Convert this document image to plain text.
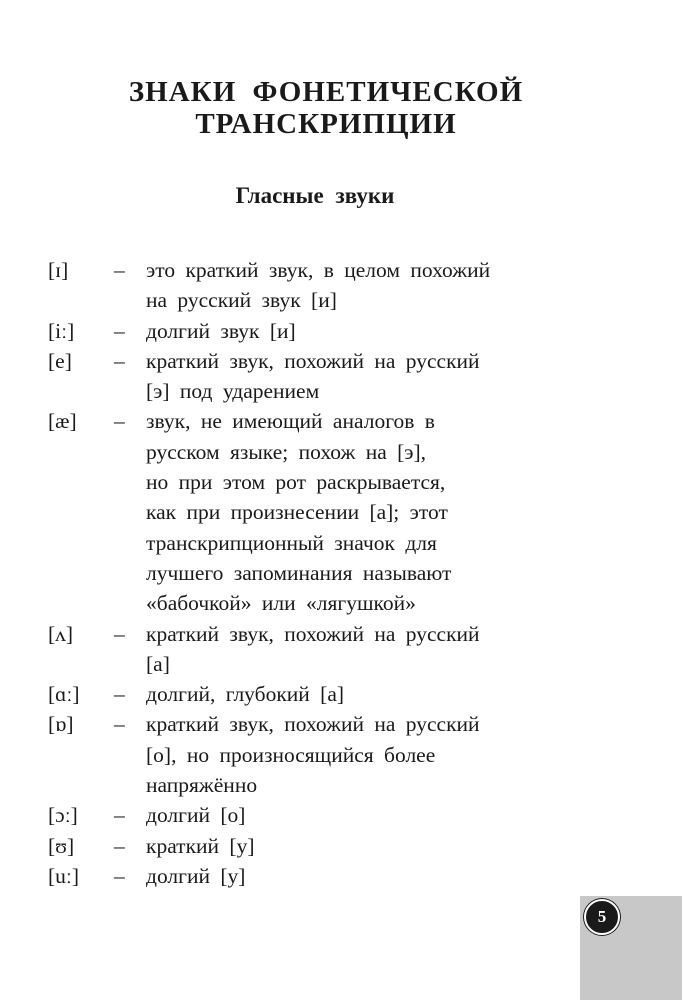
ЗНАКИ ФОНЕТИЧЕСКОЙ
ТРАНСКРИПЦИИ
Гласные звуки
[ɪ]	– это краткий звук, в целом похожий
на русский звук [и]
[iː]	– долгий звук [и]
[e]	– краткий звук, похожий на русский
[э] под ударением
[æ]	– звук, не имеющий аналогов в
русском языке; похож на [э],
но при этом рот раскрывается,
как при произнесении [а]; этот
транскрипционный значок для
лучшего запоминания называют
«бабочкой» или «лягушкой»
[ʌ]	– краткий звук, похожий на русский
[а]
[ɑː]	– долгий, глубокий [а]
[ɒ]	– краткий звук, похожий на русский
[о], но произносящийся более
напряжённо
[ɔː]	– долгий [о]
[ʊ]	– краткий [у]
[uː]	– долгий [у]
5
